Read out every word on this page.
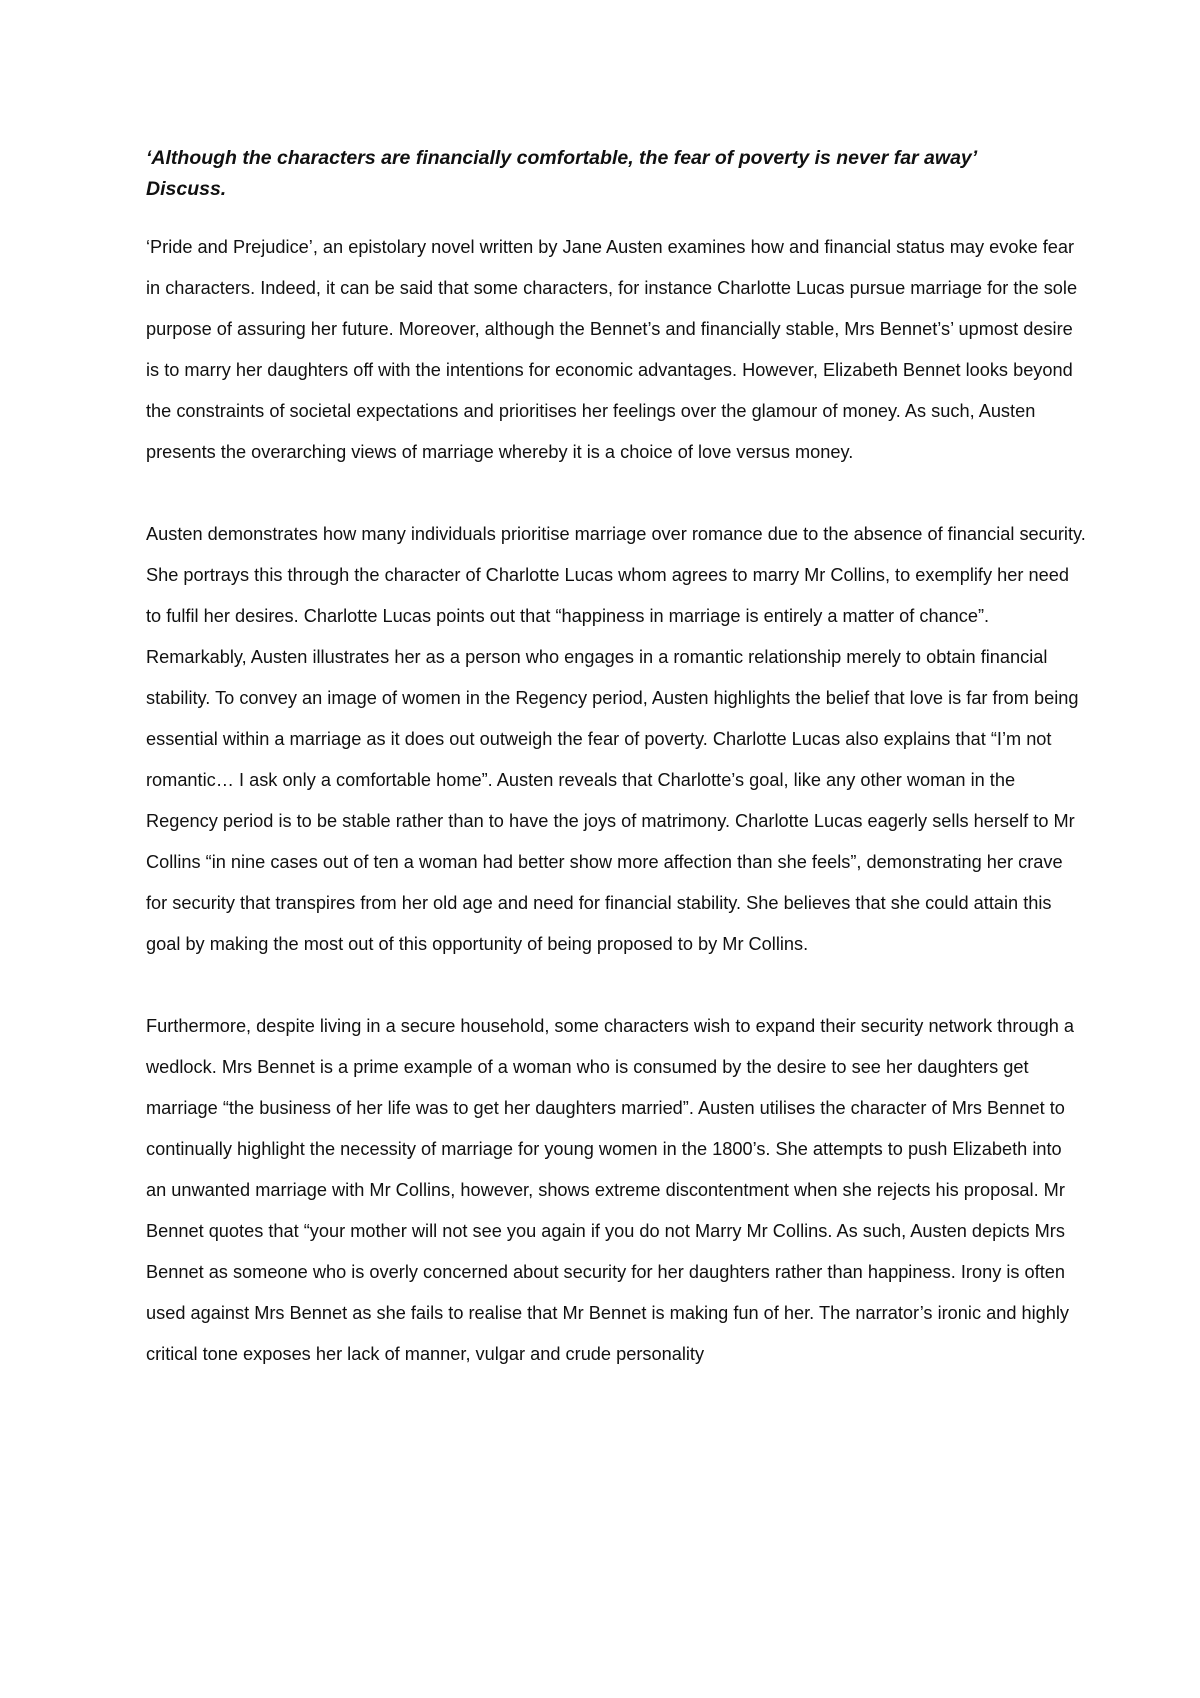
‘Although the characters are financially comfortable, the fear of poverty is never far away’
Discuss.

‘Pride and Prejudice’, an epistolary novel written by Jane Austen examines how and financial status may evoke fear in characters. Indeed, it can be said that some characters, for instance Charlotte Lucas pursue marriage for the sole purpose of assuring her future. Moreover, although the Bennet’s and financially stable, Mrs Bennet’s’ upmost desire is to marry her daughters off with the intentions for economic advantages. However, Elizabeth Bennet looks beyond the constraints of societal expectations and prioritises her feelings over the glamour of money. As such, Austen presents the overarching views of marriage whereby it is a choice of love versus money.

Austen demonstrates how many individuals prioritise marriage over romance due to the absence of financial security. She portrays this through the character of Charlotte Lucas whom agrees to marry Mr Collins, to exemplify her need to fulfil her desires. Charlotte Lucas points out that “happiness in marriage is entirely a matter of chance”. Remarkably, Austen illustrates her as a person who engages in a romantic relationship merely to obtain financial stability. To convey an image of women in the Regency period, Austen highlights the belief that love is far from being essential within a marriage as it does out outweigh the fear of poverty. Charlotte Lucas also explains that “I’m not romantic… I ask only a comfortable home”. Austen reveals that Charlotte’s goal, like any other woman in the Regency period is to be stable rather than to have the joys of matrimony. Charlotte Lucas eagerly sells herself to Mr Collins “in nine cases out of ten a woman had better show more affection than she feels”, demonstrating her crave for security that transpires from her old age and need for financial stability. She believes that she could attain this goal by making the most out of this opportunity of being proposed to by Mr Collins.

Furthermore, despite living in a secure household, some characters wish to expand their security network through a wedlock. Mrs Bennet is a prime example of a woman who is consumed by the desire to see her daughters get marriage “the business of her life was to get her daughters married”. Austen utilises the character of Mrs Bennet to continually highlight the necessity of marriage for young women in the 1800’s. She attempts to push Elizabeth into an unwanted marriage with Mr Collins, however, shows extreme discontentment when she rejects his proposal. Mr Bennet quotes that “your mother will not see you again if you do not Marry Mr Collins. As such, Austen depicts Mrs Bennet as someone who is overly concerned about security for her daughters rather than happiness. Irony is often used against Mrs Bennet as she fails to realise that Mr Bennet is making fun of her. The narrator’s ironic and highly critical tone exposes her lack of manner, vulgar and crude personality
